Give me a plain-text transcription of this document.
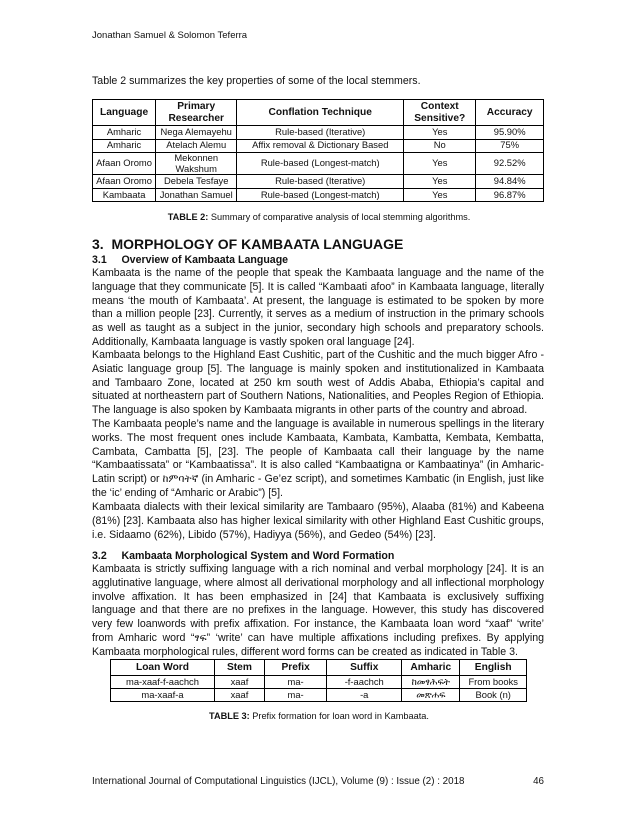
Jonathan Samuel & Solomon Teferra
Table 2 summarizes the key properties of some of the local stemmers.
Language	Primary Researcher	Conflation Technique	Context Sensitive?	Accuracy
Amharic	Nega Alemayehu	Rule-based (Iterative)	Yes	95.90%
Amharic	Atelach Alemu	Affix removal & Dictionary Based	No	75%
Afaan Oromo	Mekonnen Wakshum	Rule-based (Longest-match)	Yes	92.52%
Afaan Oromo	Debela Tesfaye	Rule-based (Iterative)	Yes	94.84%
Kambaata	Jonathan Samuel	Rule-based (Longest-match)	Yes	96.87%
TABLE 2: Summary of comparative analysis of local stemming algorithms.
3.  MORPHOLOGY OF KAMBAATA LANGUAGE
3.1     Overview of Kambaata Language

Kambaata is the name of the people that speak the Kambaata language and the name of the language that they communicate [5]. It is called “Kambaati afoo” in Kambaata language, literally means ‘the mouth of Kambaata’. At present, the language is estimated to be spoken by more than a million people [23]. Currently, it serves as a medium of instruction in the primary schools as well as taught as a subject in the junior, secondary high schools and preparatory schools. Additionally, Kambaata language is vastly spoken oral language [24].

Kambaata belongs to the Highland East Cushitic, part of the Cushitic and the much bigger Afro - Asiatic language group [5]. The language is mainly spoken and institutionalized in Kambaata and Tambaaro Zone, located at 250 km south west of Addis Ababa, Ethiopia’s capital and situated at northeastern part of Southern Nations, Nationalities, and Peoples Region of Ethiopia. The language is also spoken by Kambaata migrants in other parts of the country and abroad.

The Kambaata people’s name and the language is available in numerous spellings in the literary works. The most frequent ones include Kambaata, Kambata, Kambatta, Kembata, Kembatta, Cambata, Cambatta [5], [23]. The people of Kambaata call their language by the name “Kambaatissata” or “Kambaatissa”. It is also called “Kambaatigna or Kambaatinya” (in Amharic-Latin script) or ከምባትኛ (in Amharic - Ge’ez script), and sometimes Kambatic (in English, just like the ‘ic’ ending of “Amharic or Arabic”) [5].

Kambaata dialects with their lexical similarity are Tambaaro (95%), Alaaba (81%) and Kabeena (81%) [23]. Kambaata also has higher lexical similarity with other Highland East Cushitic groups, i.e. Sidaamo (62%), Libido (57%), Hadiyya (56%), and Gedeo (54%) [23].

3.2     Kambaata Morphological System and Word Formation

Kambaata is strictly suffixing language with a rich nominal and verbal morphology [24]. It is an agglutinative language, where almost all derivational morphology and all inflectional morphology involve affixation. It has been emphasized in [24] that Kambaata is exclusively suffixing language and that there are no prefixes in the language. However, this study has discovered very few loanwords with prefix affixation. For instance, the Kambaata loan word “xaaf” ‘write’ from Amharic word “ፃፍ” ‘write’ can have multiple affixations including prefixes. By applying Kambaata morphological rules, different word forms can be created as indicated in Table 3.

Loan Word	Stem	Prefix	Suffix	Amharic	English
ma-xaaf-f-aachch	xaaf	ma-	-f-aachch	ከመፃሕፍት	From books
ma-xaaf-a	xaaf	ma-	-a	መጽሐፍ	Book (n)
TABLE 3: Prefix formation for loan word in Kambaata.
International Journal of Computational Linguistics (IJCL), Volume (9) : Issue (2) : 2018	46
